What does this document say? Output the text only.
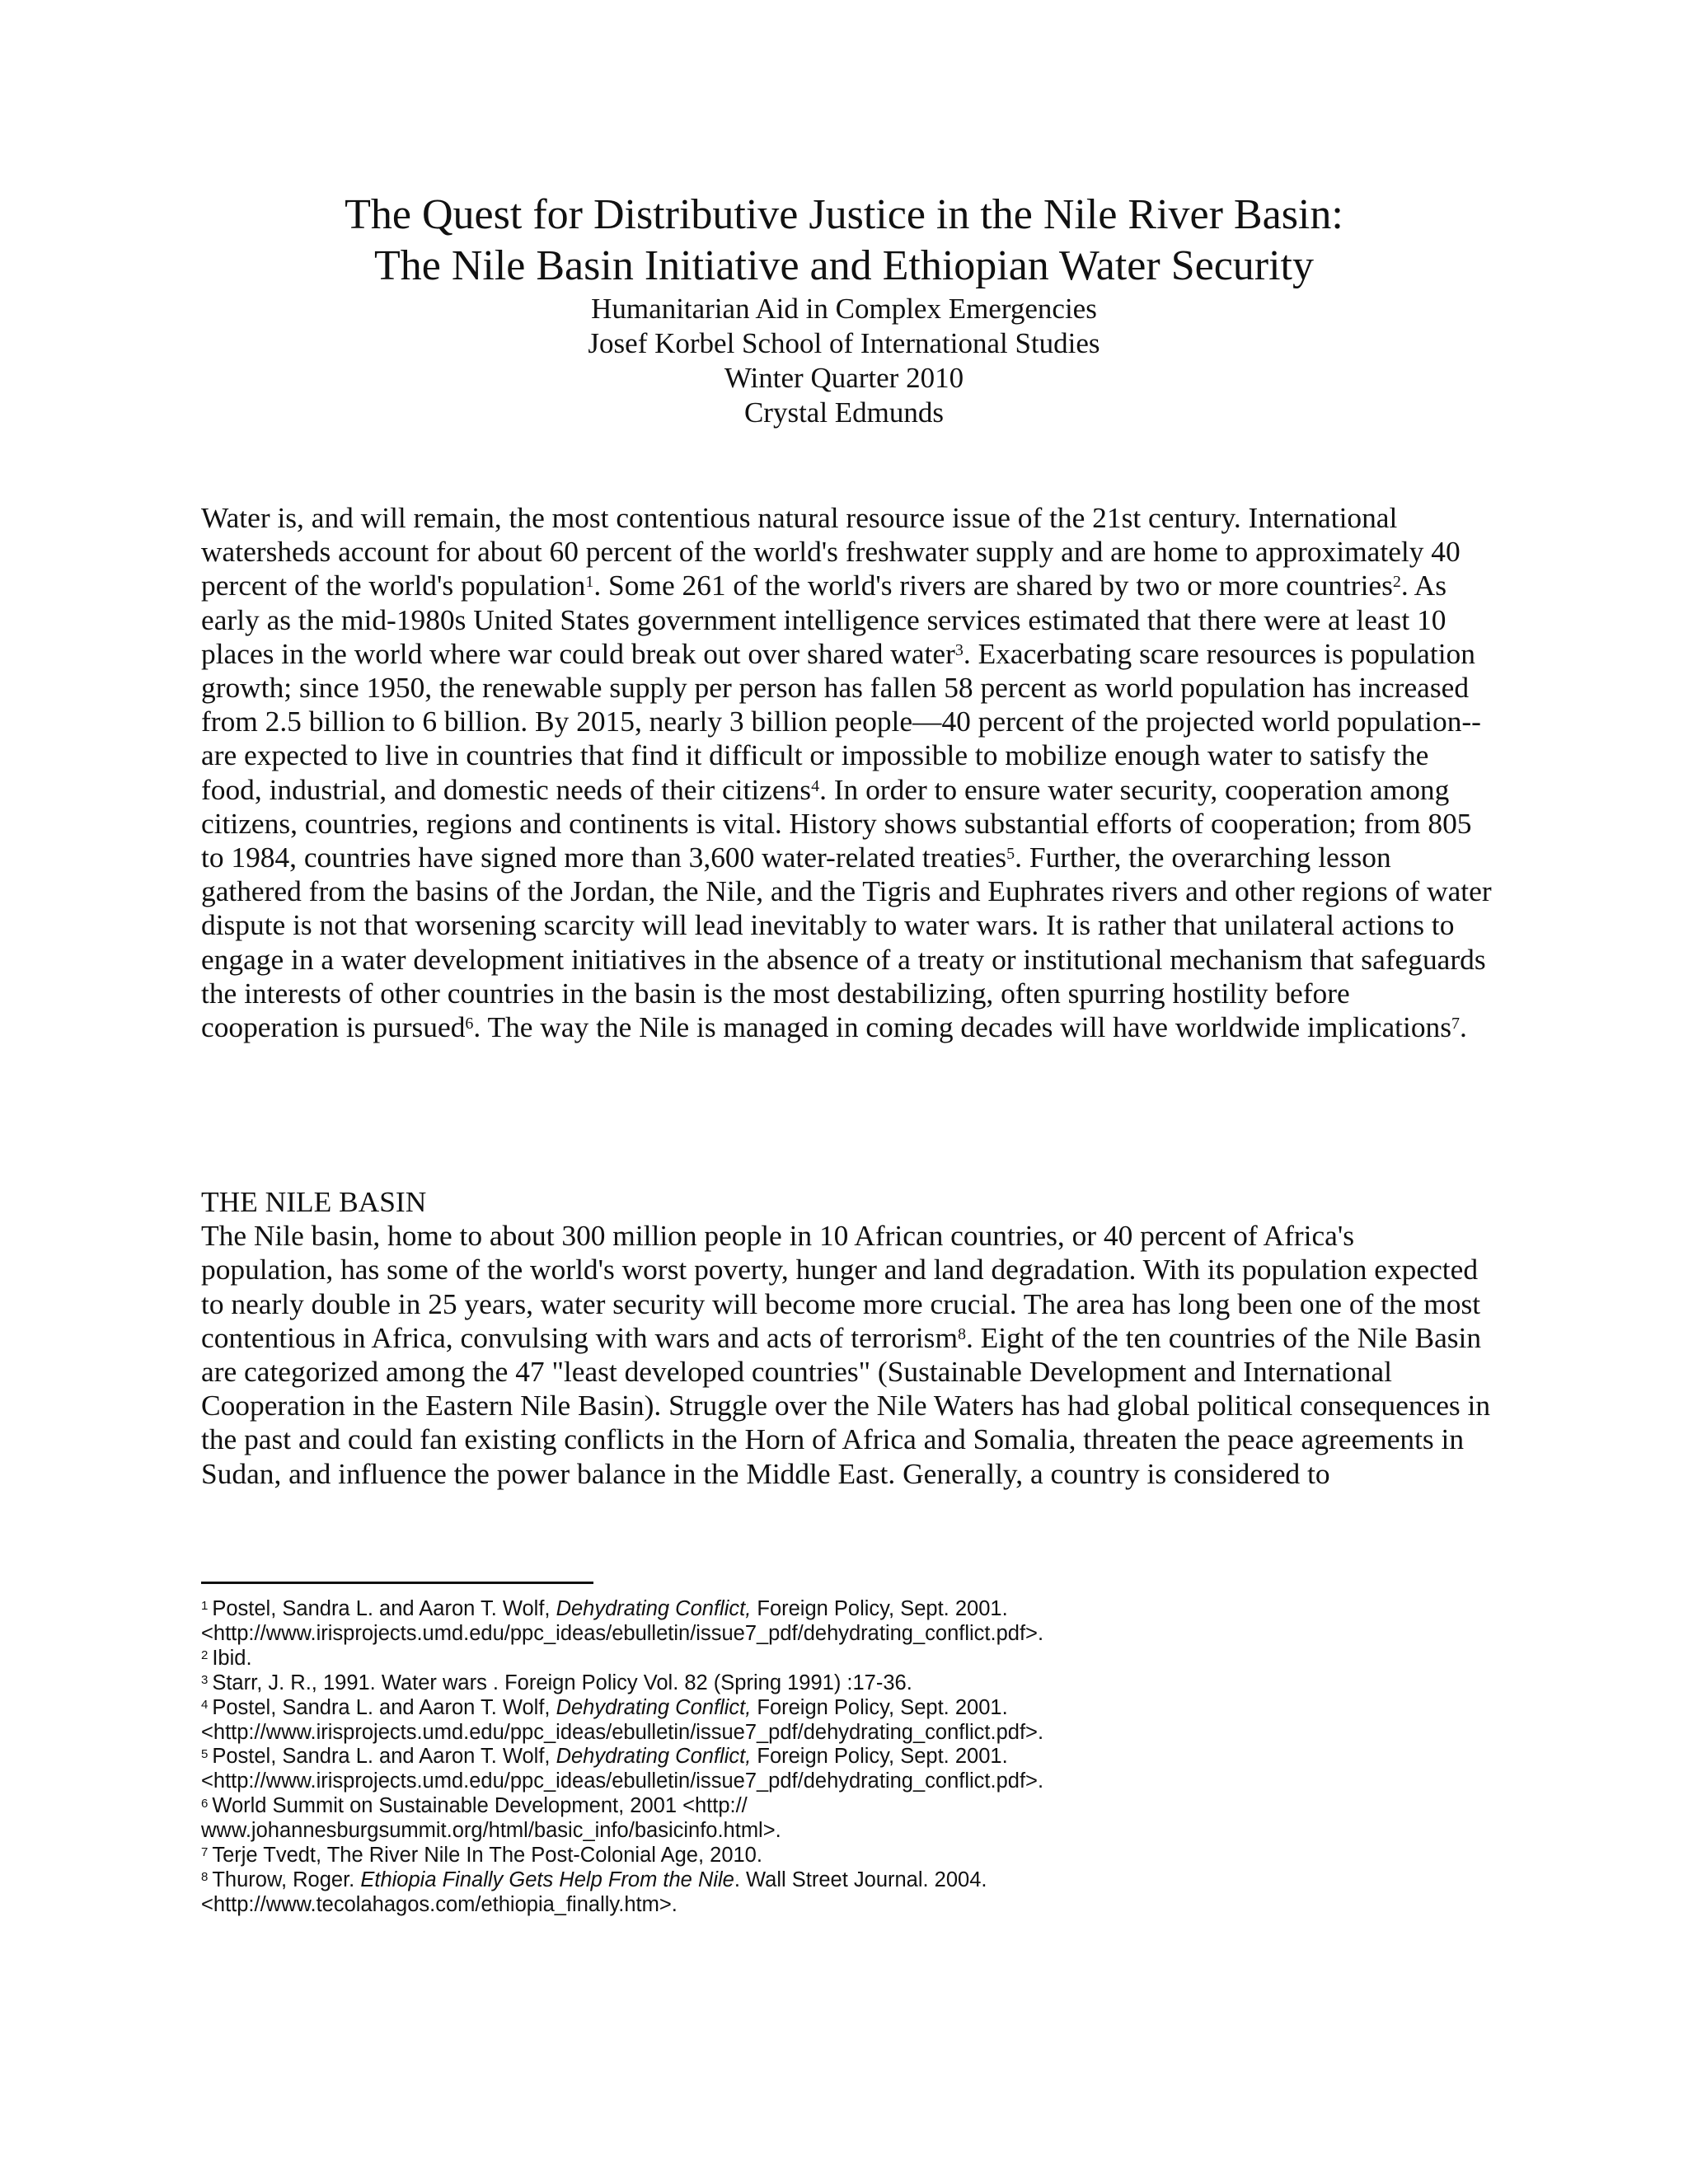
The Quest for Distributive Justice in the Nile River Basin:
The Nile Basin Initiative and Ethiopian Water Security
Humanitarian Aid in Complex Emergencies
Josef Korbel School of International Studies
Winter Quarter 2010
Crystal Edmunds

Water is, and will remain, the most contentious natural resource issue of the 21st century. International watersheds account for about 60 percent of the world's freshwater supply and are home to approximately 40 percent of the world's population$^1$. Some 261 of the world's rivers are shared by two or more countries$^2$. As early as the mid-1980s United States government intelligence services estimated that there were at least 10 places in the world where war could break out over shared water$^3$. Exacerbating scare resources is population growth; since 1950, the renewable supply per person has fallen 58 percent as world population has increased from 2.5 billion to 6 billion. By 2015, nearly 3 billion people—40 percent of the projected world population-- are expected to live in countries that find it difficult or impossible to mobilize enough water to satisfy the food, industrial, and domestic needs of their citizens$^4$. In order to ensure water security, cooperation among citizens, countries, regions and continents is vital. History shows substantial efforts of cooperation; from 805 to 1984, countries have signed more than 3,600 water-related treaties$^5$. Further, the overarching lesson gathered from the basins of the Jordan, the Nile, and the Tigris and Euphrates rivers and other regions of water dispute is not that worsening scarcity will lead inevitably to water wars. It is rather that unilateral actions to engage in a water development initiatives in the absence of a treaty or institutional mechanism that safeguards the interests of other countries in the basin is the most destabilizing, often spurring hostility before cooperation is pursued$^6$. The way the Nile is managed in coming decades will have worldwide implications$^7$.

THE NILE BASIN

The Nile basin, home to about 300 million people in 10 African countries, or 40 percent of Africa's population, has some of the world's worst poverty, hunger and land degradation. With its population expected to nearly double in 25 years, water security will become more crucial. The area has long been one of the most contentious in Africa, convulsing with wars and acts of terrorism$^8$. Eight of the ten countries of the Nile Basin are categorized among the 47 "least developed countries" (Sustainable Development and International Cooperation in the Eastern Nile Basin). Struggle over the Nile Waters has had global political consequences in the past and could fan existing conflicts in the Horn of Africa and Somalia, threaten the peace agreements in Sudan, and influence the power balance in the Middle East. Generally, a country is considered to

$^1$ Postel, Sandra L. and Aaron T. Wolf, Dehydrating Conflict, Foreign Policy, Sept. 2001.
<http://www.irisprojects.umd.edu/ppc_ideas/ebulletin/issue7_pdf/dehydrating_conflict.pdf>.
$^2$ Ibid.
$^3$ Starr, J. R., 1991. Water wars . Foreign Policy Vol. 82 (Spring 1991) :17-36.
$^4$ Postel, Sandra L. and Aaron T. Wolf, Dehydrating Conflict, Foreign Policy, Sept. 2001.
<http://www.irisprojects.umd.edu/ppc_ideas/ebulletin/issue7_pdf/dehydrating_conflict.pdf>.
$^5$ Postel, Sandra L. and Aaron T. Wolf, Dehydrating Conflict, Foreign Policy, Sept. 2001.
<http://www.irisprojects.umd.edu/ppc_ideas/ebulletin/issue7_pdf/dehydrating_conflict.pdf>.
$^6$ World Summit on Sustainable Development, 2001 <http://
www.johannesburgsummit.org/html/basic_info/basicinfo.html>.
$^7$ Terje Tvedt, The River Nile In The Post-Colonial Age, 2010.
$^8$ Thurow, Roger. Ethiopia Finally Gets Help From the Nile. Wall Street Journal. 2004.
<http://www.tecolahagos.com/ethiopia_finally.htm>.
